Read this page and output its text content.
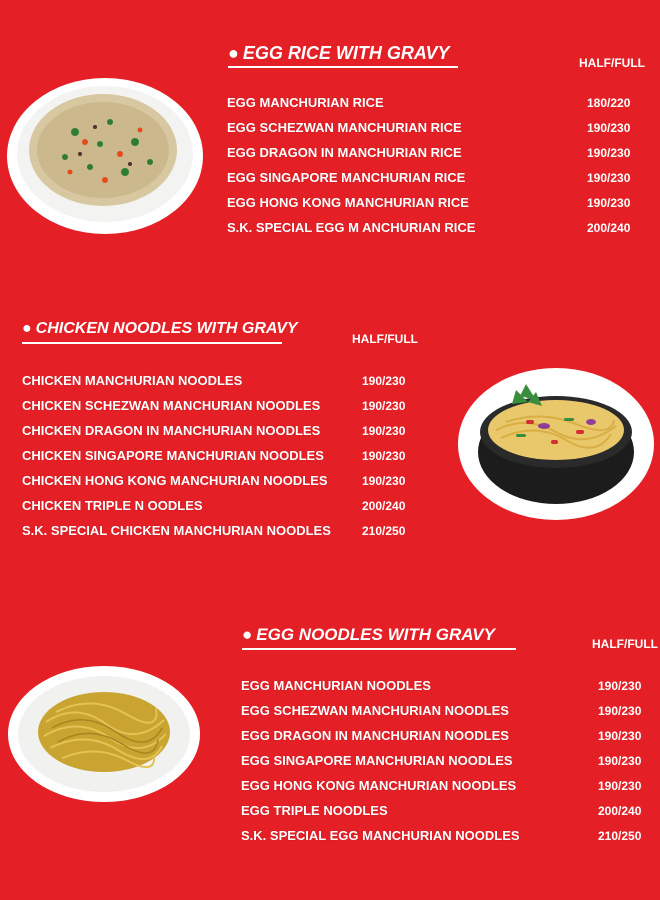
● EGG RICE WITH GRAVY	HALF/FULL
EGG MANCHURIAN RICE	180/220
EGG SCHEZWAN MANCHURIAN RICE	190/230
EGG DRAGON IN MANCHURIAN RICE	190/230
EGG SINGAPORE MANCHURIAN RICE	190/230
EGG HONG KONG MANCHURIAN RICE	190/230
S.K. SPECIAL EGG M ANCHURIAN RICE	200/240
● CHICKEN NOODLES WITH GRAVY
HALF/FULL
CHICKEN MANCHURIAN NOODLES	190/230
CHICKEN SCHEZWAN MANCHURIAN NOODLES	190/230
CHICKEN DRAGON IN MANCHURIAN NOODLES	190/230
CHICKEN SINGAPORE MANCHURIAN NOODLES	190/230
CHICKEN HONG KONG MANCHURIAN NOODLES	190/230
CHICKEN TRIPLE N OODLES	200/240
S.K. SPECIAL CHICKEN MANCHURIAN NOODLES	210/250
● EGG NOODLES WITH GRAVY	HALF/FULL
EGG MANCHURIAN NOODLES	190/230
EGG SCHEZWAN MANCHURIAN NOODLES	190/230
EGG DRAGON IN MANCHURIAN NOODLES	190/230
EGG SINGAPORE MANCHURIAN NOODLES	190/230
EGG HONG KONG MANCHURIAN NOODLES	190/230
EGG TRIPLE NOODLES	200/240
S.K. SPECIAL EGG MANCHURIAN NOODLES	210/250
